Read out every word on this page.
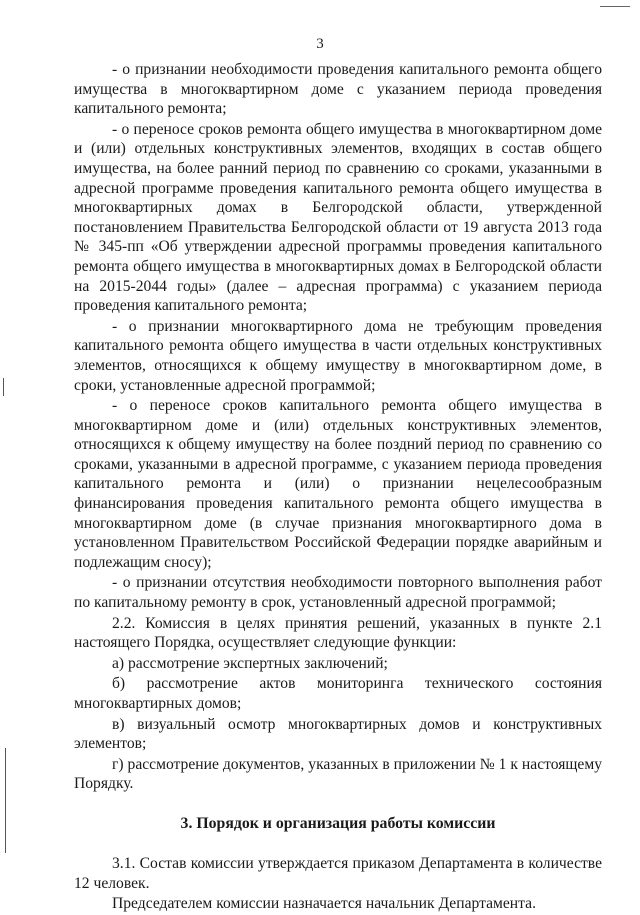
3

- о признании необходимости проведения капитального ремонта общего имущества в многоквартирном доме с указанием периода проведения капитального ремонта;

- о переносе сроков ремонта общего имущества в многоквартирном доме и (или) отдельных конструктивных элементов, входящих в состав общего имущества, на более ранний период по сравнению со сроками, указанными в адресной программе проведения капитального ремонта общего имущества в многоквартирных домах в Белгородской области, утвержденной постановлением Правительства Белгородской области от 19 августа 2013 года № 345-пп «Об утверждении адресной программы проведения капитального ремонта общего имущества в многоквартирных домах в Белгородской области на 2015-2044 годы» (далее – адресная программа) с указанием периода проведения капитального ремонта;

- о признании многоквартирного дома не требующим проведения капитального ремонта общего имущества в части отдельных конструктивных элементов, относящихся к общему имуществу в многоквартирном доме, в сроки, установленные адресной программой;

- о переносе сроков капитального ремонта общего имущества в многоквартирном доме и (или) отдельных конструктивных элементов, относящихся к общему имуществу на более поздний период по сравнению со сроками, указанными в адресной программе, с указанием периода проведения капитального ремонта и (или) о признании нецелесообразным финансирования проведения капитального ремонта общего имущества в многоквартирном доме (в случае признания многоквартирного дома в установленном Правительством Российской Федерации порядке аварийным и подлежащим сносу);

- о признании отсутствия необходимости повторного выполнения работ по капитальному ремонту в срок, установленный адресной программой;

2.2. Комиссия в целях принятия решений, указанных в пункте 2.1 настоящего Порядка, осуществляет следующие функции:

а) рассмотрение экспертных заключений;

б) рассмотрение актов мониторинга технического состояния многоквартирных домов;

в) визуальный осмотр многоквартирных домов и конструктивных элементов;

г) рассмотрение документов, указанных в приложении № 1 к настоящему Порядку.

3. Порядок и организация работы комиссии

3.1. Состав комиссии утверждается приказом Департамента в количестве 12 человек.

Председателем комиссии назначается начальник Департамента.
